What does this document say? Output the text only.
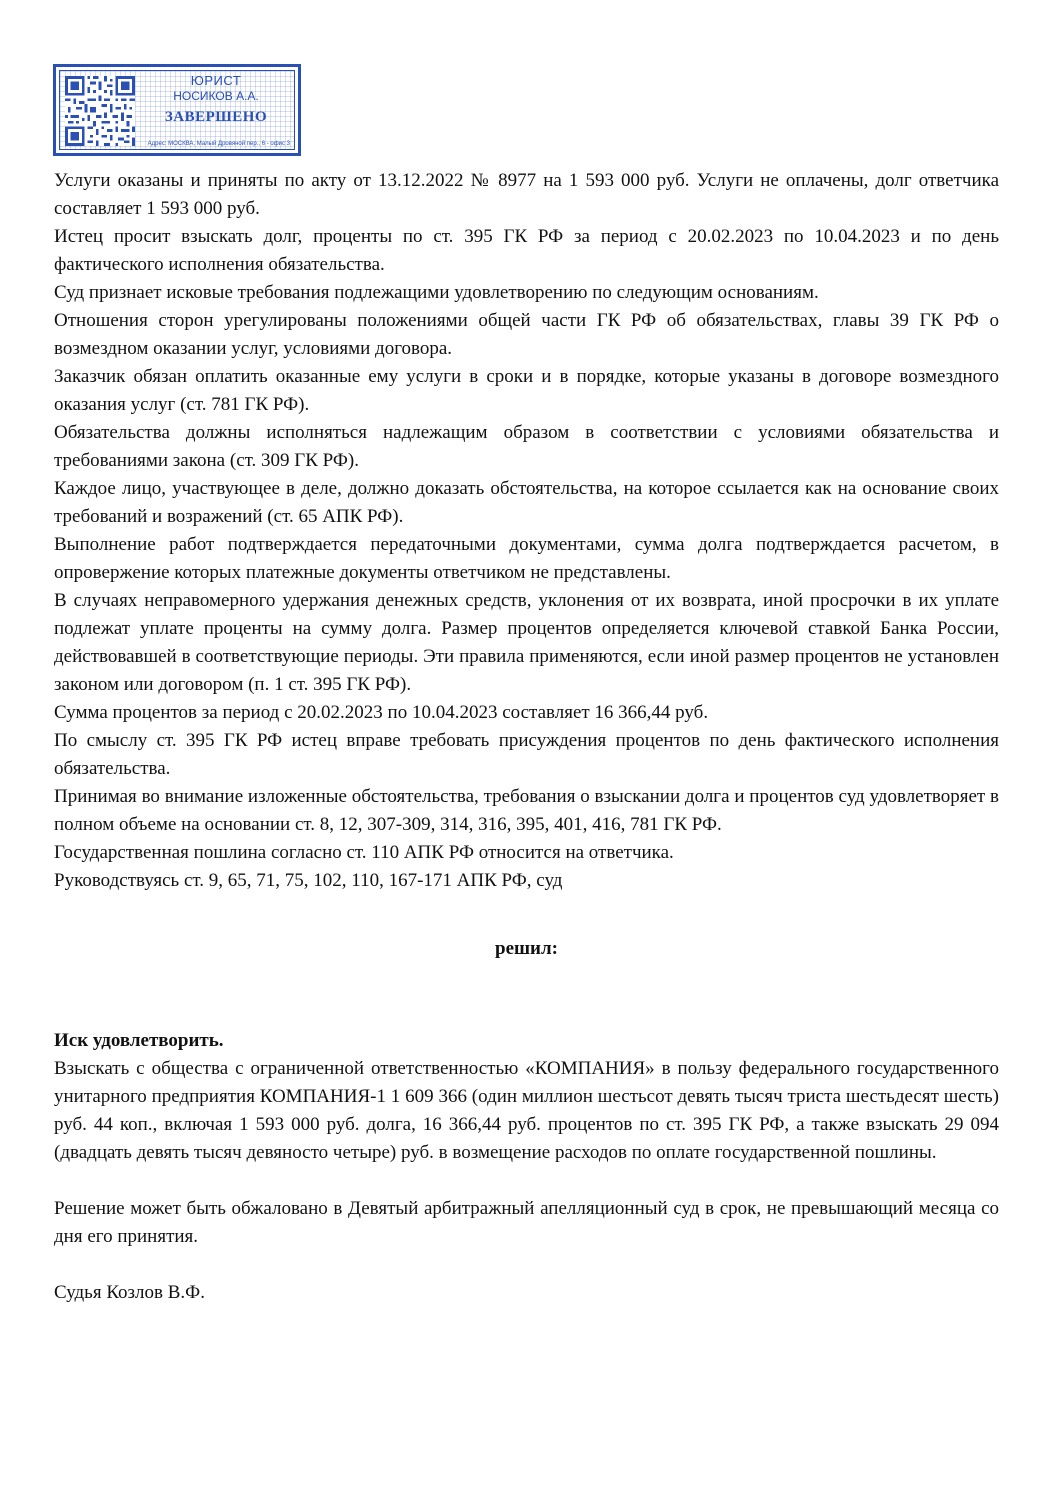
ЮРИСТ
НОСИКОВ А.А.
ЗАВЕРШЕНО
Адрес: МОСКВА, Малый Дровяной пер., 6 - офис 3

Услуги оказаны и приняты по акту от 13.12.2022 № 8977 на 1 593 000 руб. Услуги не оплачены, долг ответчика составляет 1 593 000 руб.

Истец просит взыскать долг, проценты по ст. 395 ГК РФ за период с 20.02.2023 по 10.04.2023 и по день фактического исполнения обязательства.

Суд признает исковые требования подлежащими удовлетворению по следующим основаниям.

Отношения сторон урегулированы положениями общей части ГК РФ об обязательствах, главы 39 ГК РФ о возмездном оказании услуг, условиями договора.

Заказчик обязан оплатить оказанные ему услуги в сроки и в порядке, которые указаны в договоре возмездного оказания услуг (ст. 781 ГК РФ).

Обязательства должны исполняться надлежащим образом в соответствии с условиями обязательства и требованиями закона (ст. 309 ГК РФ).

Каждое лицо, участвующее в деле, должно доказать обстоятельства, на которое ссылается как на основание своих требований и возражений (ст. 65 АПК РФ).

Выполнение работ подтверждается передаточными документами, сумма долга подтверждается расчетом, в опровержение которых платежные документы ответчиком не представлены.

В случаях неправомерного удержания денежных средств, уклонения от их возврата, иной просрочки в их уплате подлежат уплате проценты на сумму долга. Размер процентов определяется ключевой ставкой Банка России, действовавшей в соответствующие периоды. Эти правила применяются, если иной размер процентов не установлен законом или договором (п. 1 ст. 395 ГК РФ).

Сумма процентов за период с 20.02.2023 по 10.04.2023 составляет 16 366,44 руб.

По смыслу ст. 395 ГК РФ истец вправе требовать присуждения процентов по день фактического исполнения обязательства.

Принимая во внимание изложенные обстоятельства, требования о взыскании долга и процентов суд удовлетворяет в полном объеме на основании ст. 8, 12, 307-309, 314, 316, 395, 401, 416, 781 ГК РФ.

Государственная пошлина согласно ст. 110 АПК РФ относится на ответчика.

Руководствуясь ст. 9, 65, 71, 75, 102, 110, 167-171 АПК РФ, суд

решил:

Иск удовлетворить.

Взыскать с общества с ограниченной ответственностью «КОМПАНИЯ» в пользу федерального государственного унитарного предприятия КОМПАНИЯ-1 1 609 366 (один миллион шестьсот девять тысяч триста шестьдесят шесть) руб. 44 коп., включая 1 593 000 руб. долга, 16 366,44 руб. процентов по ст. 395 ГК РФ, а также взыскать 29 094 (двадцать девять тысяч девяносто четыре) руб. в возмещение расходов по оплате государственной пошлины.

Решение может быть обжаловано в Девятый арбитражный апелляционный суд в срок, не превышающий месяца со дня его принятия.

Судья Козлов В.Ф.
